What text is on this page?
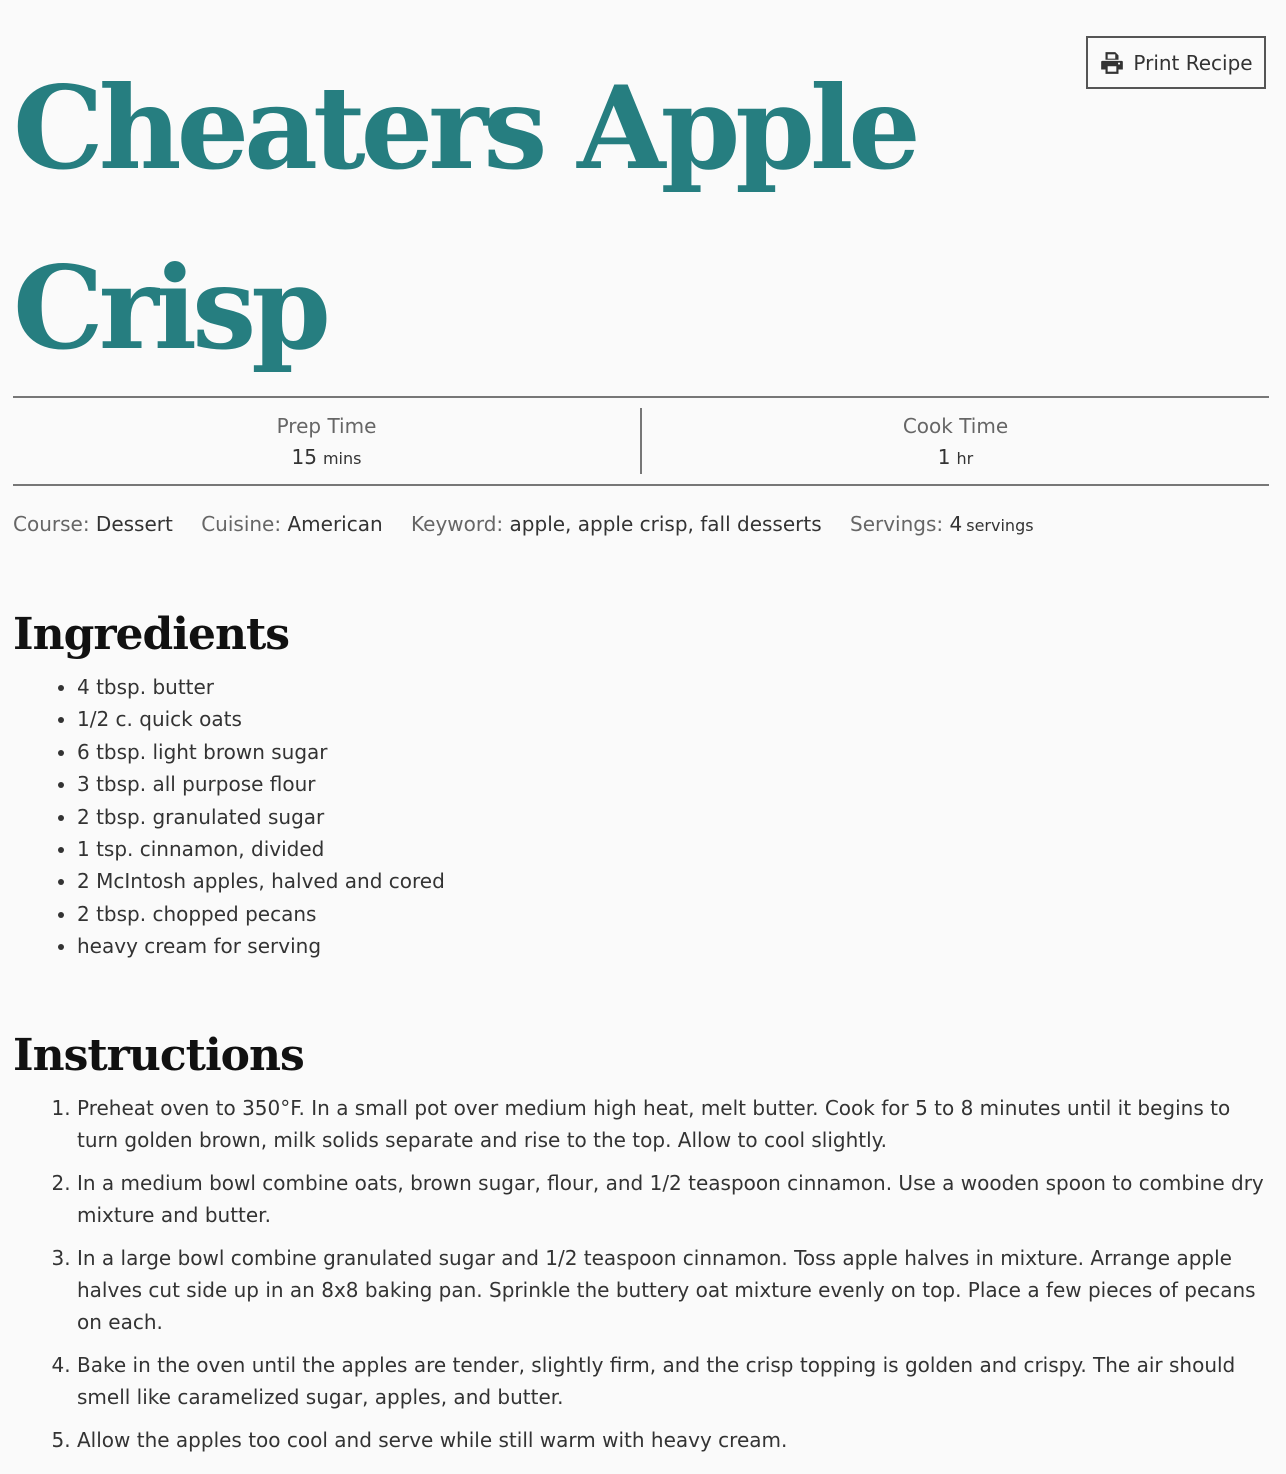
Cheaters Apple Crisp
Print Recipe
Prep Time
15 mins
Cook Time
1 hr
Course: Dessert Cuisine: American Keyword: apple, apple crisp, fall desserts Servings: 4 servings
Ingredients
• 4 tbsp. butter
• 1/2 c. quick oats
• 6 tbsp. light brown sugar
• 3 tbsp. all purpose flour
• 2 tbsp. granulated sugar
• 1 tsp. cinnamon, divided
• 2 McIntosh apples, halved and cored
• 2 tbsp. chopped pecans
• heavy cream for serving
Instructions
1. Preheat oven to 350°F. In a small pot over medium high heat, melt butter. Cook for 5 to 8 minutes until it begins to turn golden brown, milk solids separate and rise to the top. Allow to cool slightly.
2. In a medium bowl combine oats, brown sugar, flour, and 1/2 teaspoon cinnamon. Use a wooden spoon to combine dry mixture and butter.
3. In a large bowl combine granulated sugar and 1/2 teaspoon cinnamon. Toss apple halves in mixture. Arrange apple halves cut side up in an 8x8 baking pan. Sprinkle the buttery oat mixture evenly on top. Place a few pieces of pecans on each.
4. Bake in the oven until the apples are tender, slightly firm, and the crisp topping is golden and crispy. The air should smell like caramelized sugar, apples, and butter.
5. Allow the apples too cool and serve while still warm with heavy cream.
